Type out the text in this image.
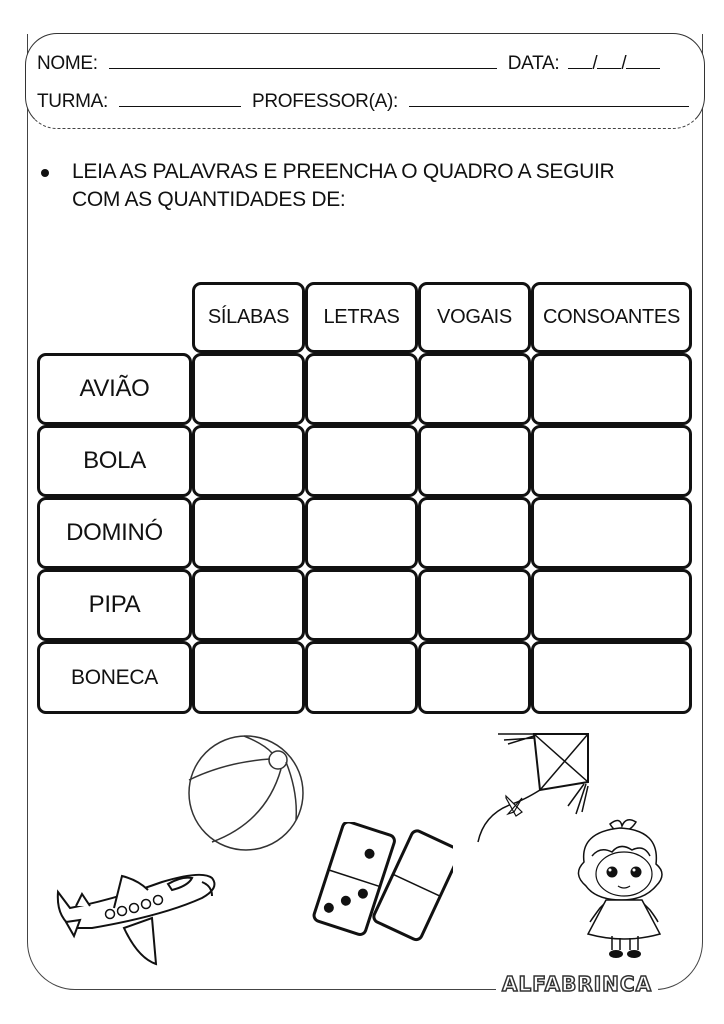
NOME:	DATA: / /
TURMA:	PROFESSOR(A):
LEIA AS PALAVRAS E PREENCHA O QUADRO A SEGUIR
COM AS QUANTIDADES DE:
SÍLABAS	LETRAS	VOGAIS	CONSOANTES
AVIÃO
BOLA
DOMINÓ
PIPA
BONECA
ALFABRINCA
